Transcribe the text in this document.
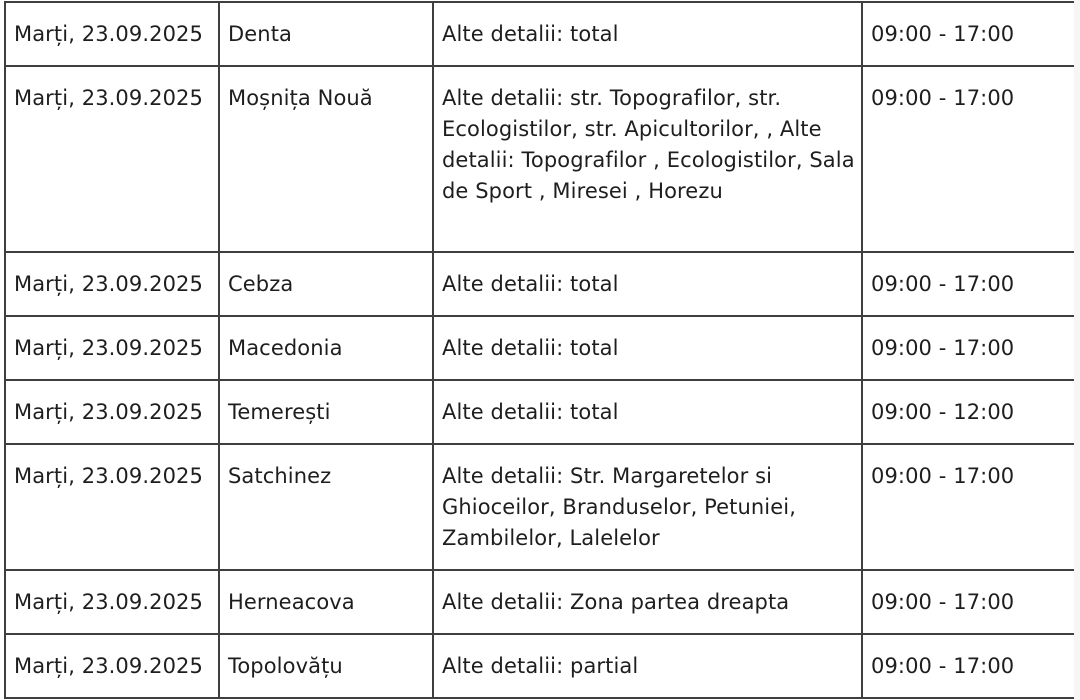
Marți, 23.09.2025	Denta	Alte detalii: total	09:00 - 17:00

Marți, 23.09.2025	Moșnița Nouă	Alte detalii: str. Topografilor, str. Ecologistilor, str. Apicultorilor, , Alte detalii: Topografilor , Ecologistilor, Sala de Sport , Miresei , Horezu	09:00 - 17:00

Marți, 23.09.2025	Cebza	Alte detalii: total	09:00 - 17:00

Marți, 23.09.2025	Macedonia	Alte detalii: total	09:00 - 17:00

Marți, 23.09.2025	Temerești	Alte detalii: total	09:00 - 12:00

Marți, 23.09.2025	Satchinez	Alte detalii: Str. Margaretelor si Ghioceilor, Branduselor, Petuniei, Zambilelor, Lalelelor	09:00 - 17:00

Marți, 23.09.2025	Herneacova	Alte detalii: Zona partea dreapta	09:00 - 17:00

Marți, 23.09.2025	Topolovățu	Alte detalii: partial	09:00 - 17:00
